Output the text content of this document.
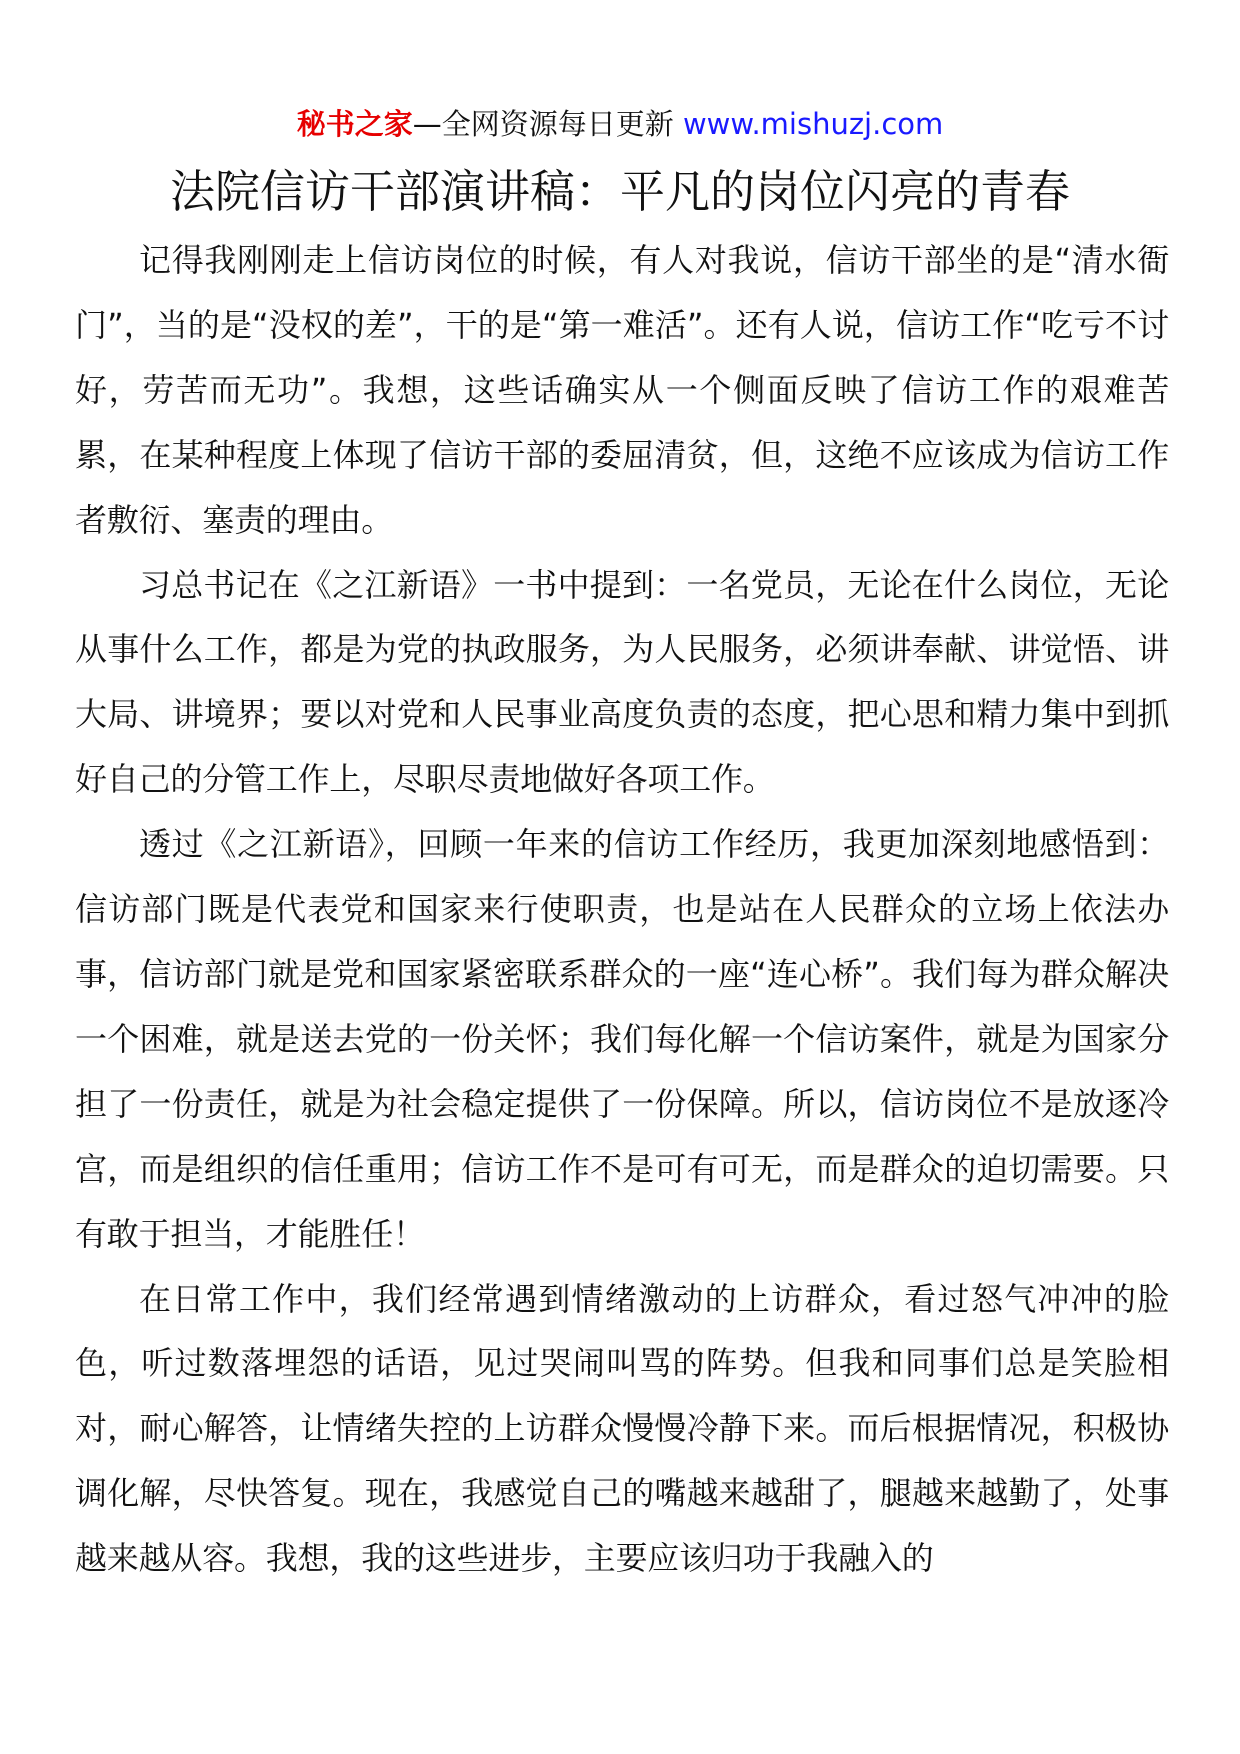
秘书之家—全网资源每日更新 www.mishuzj.com
法院信访干部演讲稿：平凡的岗位闪亮的青春

记得我刚刚走上信访岗位的时候，有人对我说，信访干部坐的是“清水衙门”，当的是“没权的差”，干的是“第一难活”。还有人说，信访工作“吃亏不讨好，劳苦而无功”。我想，这些话确实从一个侧面反映了信访工作的艰难苦累，在某种程度上体现了信访干部的委屈清贫，但，这绝不应该成为信访工作者敷衍、塞责的理由。

习总书记在《之江新语》一书中提到：一名党员，无论在什么岗位，无论从事什么工作，都是为党的执政服务，为人民服务，必须讲奉献、讲觉悟、讲大局、讲境界；要以对党和人民事业高度负责的态度，把心思和精力集中到抓好自己的分管工作上，尽职尽责地做好各项工作。

透过《之江新语》，回顾一年来的信访工作经历，我更加深刻地感悟到：信访部门既是代表党和国家来行使职责，也是站在人民群众的立场上依法办事，信访部门就是党和国家紧密联系群众的一座“连心桥”。我们每为群众解决一个困难，就是送去党的一份关怀；我们每化解一个信访案件，就是为国家分担了一份责任，就是为社会稳定提供了一份保障。所以，信访岗位不是放逐冷宫，而是组织的信任重用；信访工作不是可有可无，而是群众的迫切需要。只有敢于担当，才能胜任！

在日常工作中，我们经常遇到情绪激动的上访群众，看过怒气冲冲的脸色，听过数落埋怨的话语，见过哭闹叫骂的阵势。但我和同事们总是笑脸相对，耐心解答，让情绪失控的上访群众慢慢冷静下来。而后根据情况，积极协调化解，尽快答复。现在，我感觉自己的嘴越来越甜了，腿越来越勤了，处事越来越从容。我想，我的这些进步，主要应该归功于我融入的
